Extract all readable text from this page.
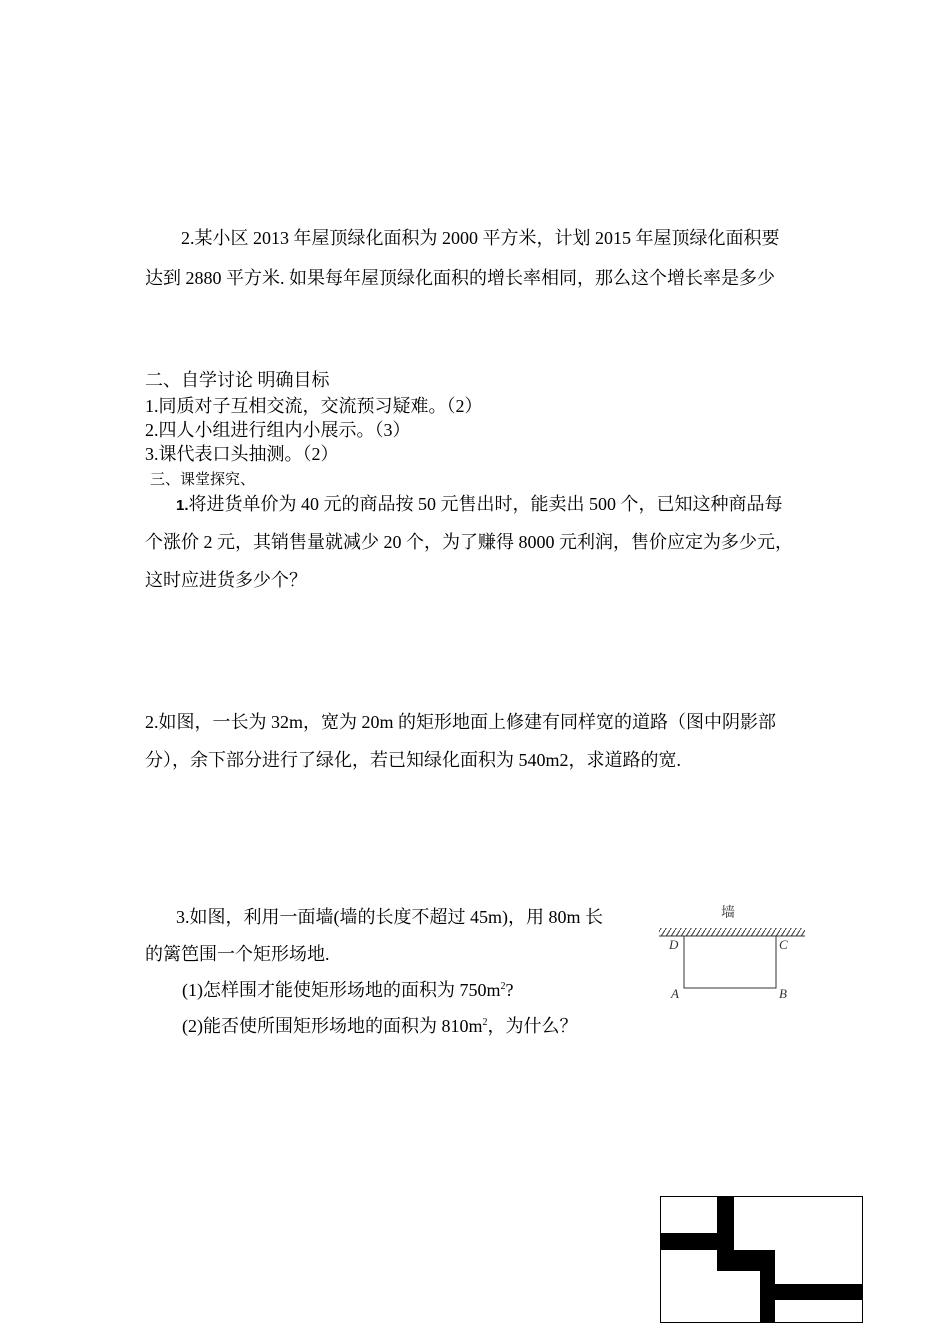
2.某小区 2013 年屋顶绿化面积为 2000 平方米，计划 2015 年屋顶绿化面积要
达到 2880 平方米. 如果每年屋顶绿化面积的增长率相同，那么这个增长率是多少
二、自学讨论 明确目标
1.同质对子互相交流，交流预习疑难。（2）
2.四人小组进行组内小展示。（3）
3.课代表口头抽测。（2）
三、课堂探究、
1.将进货单价为 40 元的商品按 50 元售出时，能卖出 500 个，已知这种商品每
个涨价 2 元，其销售量就减少 20 个，为了赚得 8000 元利润，售价应定为多少元，
这时应进货多少个？
2.如图，一长为 32m，宽为 20m 的矩形地面上修建有同样宽的道路（图中阴影部
分），余下部分进行了绿化，若已知绿化面积为 540m2，求道路的宽.
3.如图，利用一面墙(墙的长度不超过 45m)，用 80m 长
的篱笆围一个矩形场地.
(1)怎样围才能使矩形场地的面积为 $750m^2$?
(2)能否使所围矩形场地的面积为 $810m^2$，为什么？
墙
D	C
A	B
